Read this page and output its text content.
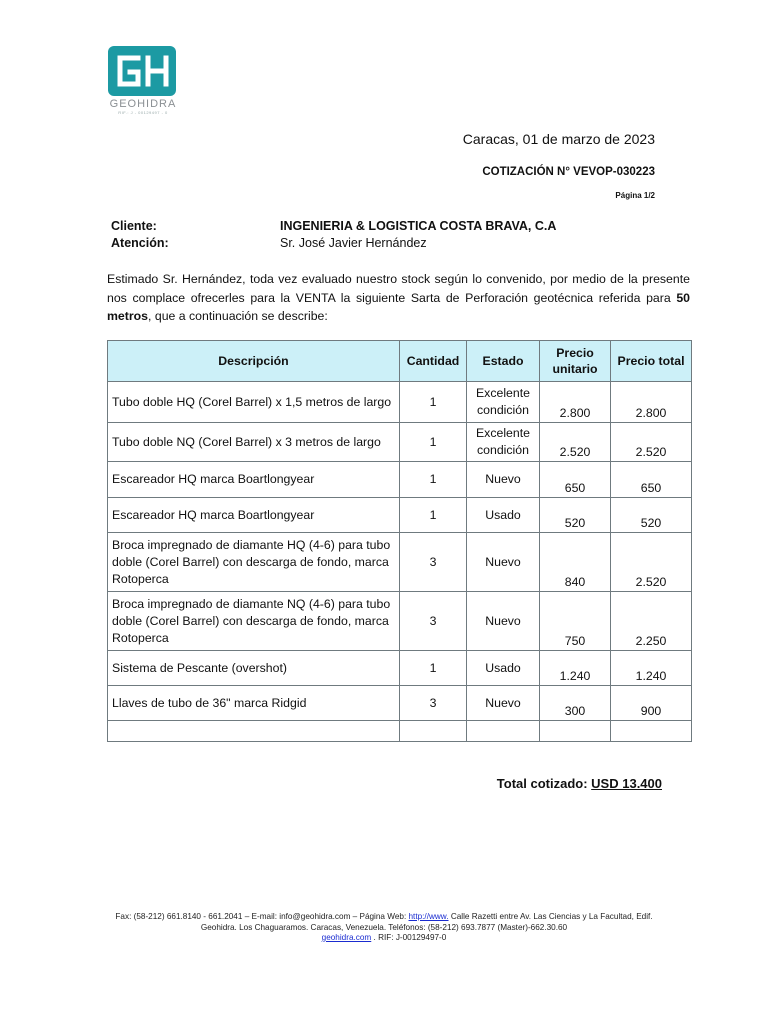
GEOHIDRA
RIF.: J - 00129497 - 0
Caracas, 01 de marzo de 2023
COTIZACIÓN N° VEVOP-030223
Página 1/2
Cliente:	INGENIERIA & LOGISTICA COSTA BRAVA, C.A
Atención:	Sr. José Javier Hernández
Estimado Sr. Hernández, toda vez evaluado nuestro stock según lo convenido, por medio de la presente nos complace ofrecerles para la VENTA la siguiente Sarta de Perforación geotécnica referida para 50 metros, que a continuación se describe:
Descripción	Cantidad	Estado	Precio unitario	Precio total
Tubo doble HQ (Corel Barrel) x 1,5 metros de largo	1	Excelente condición	2.800	2.800
Tubo doble NQ (Corel Barrel) x 3 metros de largo	1	Excelente condición	2.520	2.520
Escareador HQ marca Boartlongyear	1	Nuevo	650	650
Escareador HQ marca Boartlongyear	1	Usado	520	520
Broca impregnado de diamante HQ (4-6) para tubo doble (Corel Barrel) con descarga de fondo, marca Rotoperca	3	Nuevo	840	2.520
Broca impregnado de diamante NQ (4-6) para tubo doble (Corel Barrel) con descarga de fondo, marca Rotoperca	3	Nuevo	750	2.250
Sistema de Pescante (overshot)	1	Usado	1.240	1.240
Llaves de tubo de 36" marca Ridgid	3	Nuevo	300	900

Total cotizado: USD 13.400
Fax: (58-212) 661.8140 - 661.2041 – E-mail: info@geohidra.com – Página Web: http://www. Calle Razetti entre Av. Las Ciencias y La Facultad, Edif.
Geohidra. Los Chaguaramos. Caracas, Venezuela. Teléfonos: (58-212) 693.7877 (Master)-662.30.60
geohidra.com . RIF: J-00129497-0
